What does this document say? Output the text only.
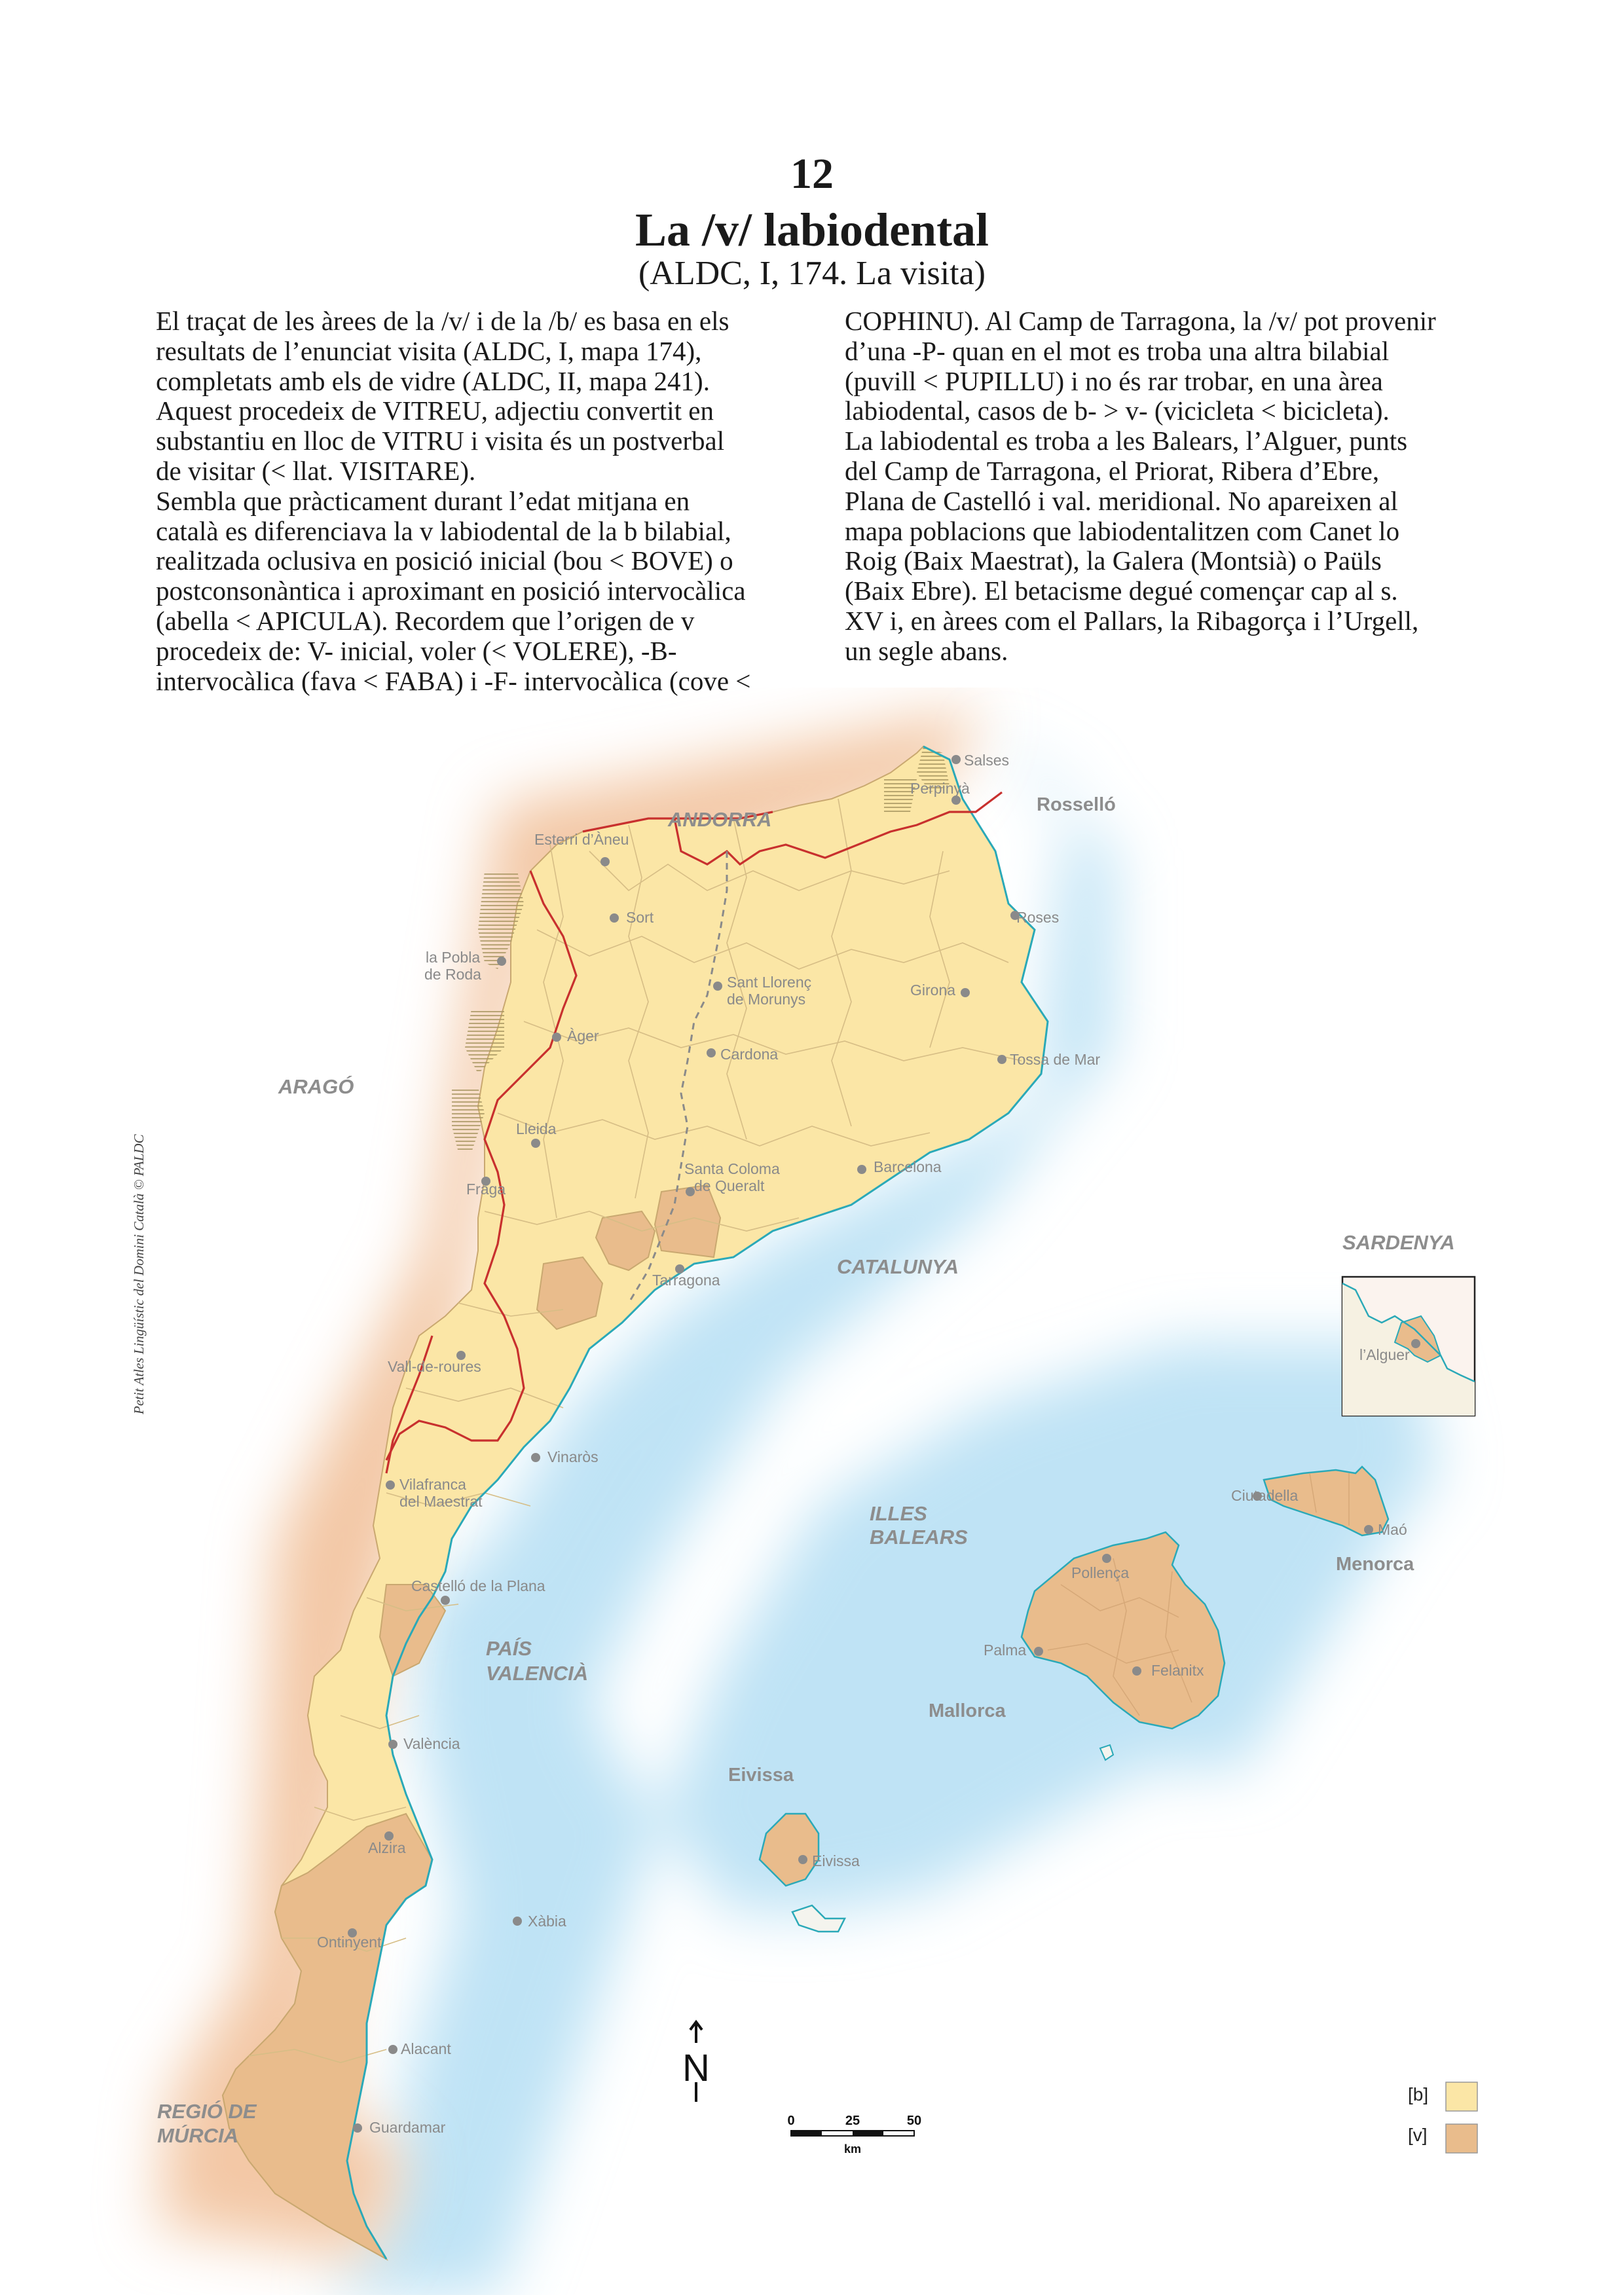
12
La /v/ labiodental
(ALDC, I, 174. La visita)
El traçat de les àrees de la /v/ i de la /b/ es basa en els
resultats de l’enunciat visita (ALDC, I, mapa 174),
completats amb els de vidre (ALDC, II, mapa 241).
Aquest procedeix de VITREU, adjectiu convertit en
substantiu en lloc de VITRU i visita és un postverbal
de visitar (< llat. VISITARE).
Sembla que pràcticament durant l’edat mitjana en
català es diferenciava la v labiodental de la b bilabial,
realitzada oclusiva en posició inicial (bou < BOVE) o
postconsonàntica i aproximant en posició intervocàlica
(abella < APICULA). Recordem que l’origen de v
procedeix de: V- inicial, voler (< VOLERE), -B-
intervocàlica (fava < FABA) i -F- intervocàlica (cove <
COPHINU). Al Camp de Tarragona, la /v/ pot provenir
d’una -P- quan en el mot es troba una altra bilabial
(puvill < PUPILLU) i no és rar trobar, en una àrea
labiodental, casos de b- > v- (vicicleta < bicicleta).
La labiodental es troba a les Balears, l’Alguer, punts
del Camp de Tarragona, el Priorat, Ribera d’Ebre,
Plana de Castelló i val. meridional. No apareixen al
mapa poblacions que labiodentalitzen com Canet lo
Roig (Baix Maestrat), la Galera (Montsià) o Paüls
(Baix Ebre). El betacisme degué començar cap al s.
XV i, en àrees com el Pallars, la Ribagorça i l’Urgell,
un segle abans.
Petit Atles Lingüístic del Domini Català © PALDC
ANDORRA
Rosselló
ARAGÓ
CATALUNYA
SARDENYA
ILLES
BALEARS
PAÍS
VALENCIÀ
REGIÓ DE
MÚRCIA
Menorca
Mallorca
Eivissa
Salses
Perpinyà
Esterri d’Àneu
Sort	Roses
la Pobla
de Roda	Sant Llorenç
de Morunys
Girona
Àger
Cardona	Tossa de Mar
Lleida
Fraga
Santa Coloma
de Queralt
Barcelona
Tarragona
Vall-de-roures
l’Alguer
Vinaròs
Vilafranca
del Maestrat	Ciutadella
Maó
Pollença
Castelló de la Plana
Palma
Felanitx
València
Eivissa
Alzira
Xàbia
Ontinyent
Alacant
Guardamar
N
0	25	50
km
[b]
[v]
